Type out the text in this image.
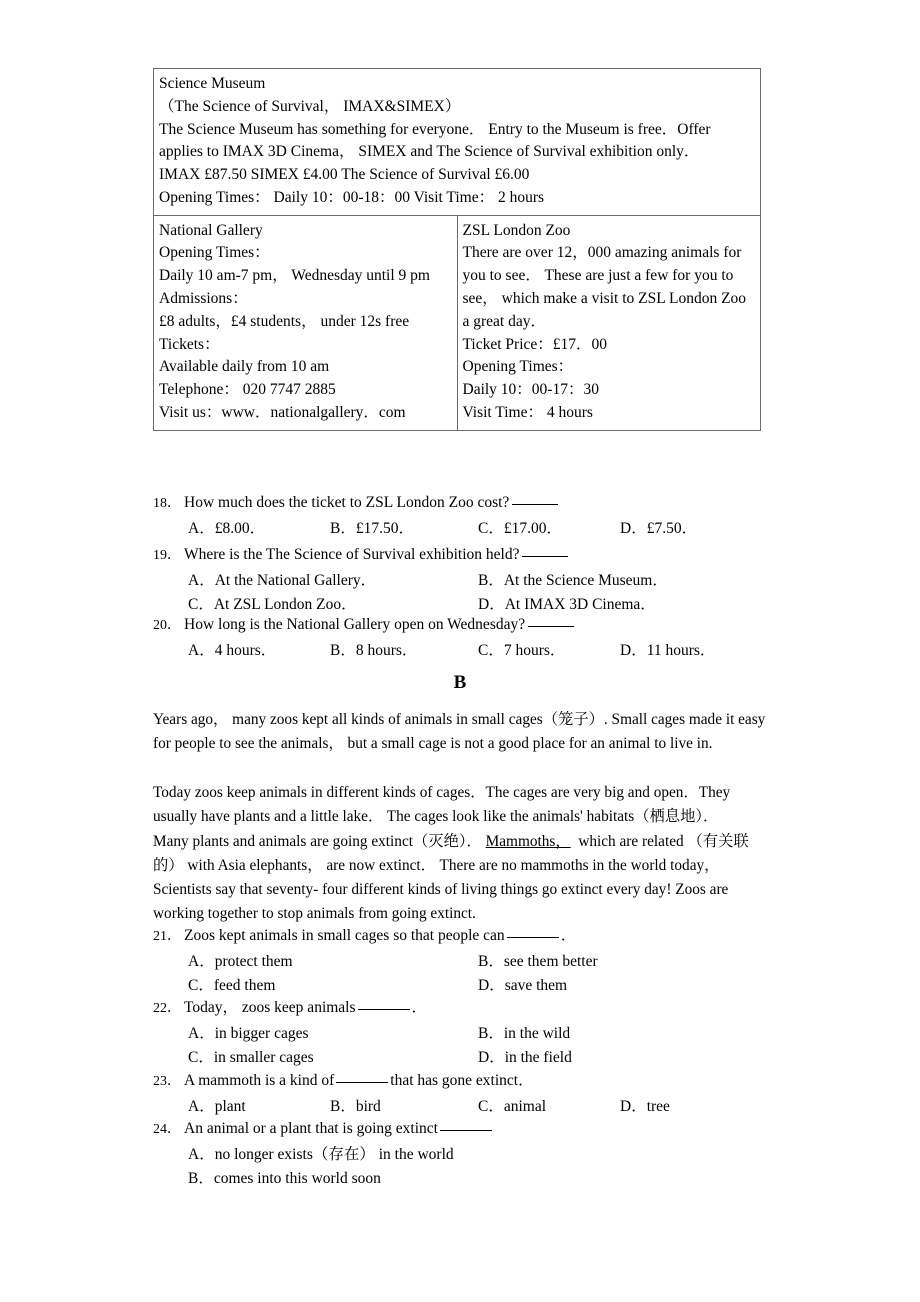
Science Museum
（The Science of Survival， IMAX&SIMEX）
The Science Museum has something for everyone． Entry to the Museum is free．Offer applies to IMAX 3D Cinema， SIMEX and The Science of Survival exhibition only．
IMAX £87.50 SIMEX £4.00 The Science of Survival £6.00
Opening Times： Daily 10：00-18：00 Visit Time： 2 hours

National Gallery
Opening Times：
Daily 10 am-7 pm， Wednesday until 9 pm
Admissions：
£8 adults，£4 students， under 12s free
Tickets：
Available daily from 10 am
Telephone： 020 7747 2885
Visit us：www．nationalgallery．com

ZSL London Zoo
There are over 12，000 amazing animals for you to see． These are just a few for you to see， which make a visit to ZSL London Zoo a great day．
Ticket Price：£17．00
Opening Times：
Daily 10：00-17：30
Visit Time： 4 hours
18． How much does the ticket to ZSL London Zoo cost?
A．£8.00．	B．£17.50．	C．£17.00．	D．£7.50．
19． Where is the The Science of Survival exhibition held?
A．At the National Gallery．	B．At the Science Museum．
C．At ZSL London Zoo．	D．At IMAX 3D Cinema．
20． How long is the National Gallery open on Wednesday?
A．4 hours．	B．8 hours．	C．7 hours．	D．11 hours．
B

Years ago， many zoos kept all kinds of animals in small cages（笼子）. Small cages made it easy for people to see the animals， but a small cage is not a good place for an animal to live in.

Today zoos keep animals in different kinds of cages．The cages are very big and open．They usually have plants and a little lake． The cages look like the animals' habitats（栖息地）．

Many plants and animals are going extinct（灭绝）． Mammoths， which are related （有关联的） with Asia elephants， are now extinct． There are no mammoths in the world today，Scientists say that seventy- four different kinds of living things go extinct every day! Zoos are working together to stop animals from going extinct.

21． Zoos kept animals in small cages so that people can	．
A．protect them	B．see them better
C．feed them	D．save them
22． Today， zoos keep animals	．
A．in bigger cages	B．in the wild
C．in smaller cages	D．in the field
23． A mammoth is a kind of	that has gone extinct．
A．plant	B．bird	C．animal	D．tree
24． An animal or a plant that is going extinct
A．no longer exists（存在） in the world
B．comes into this world soon
